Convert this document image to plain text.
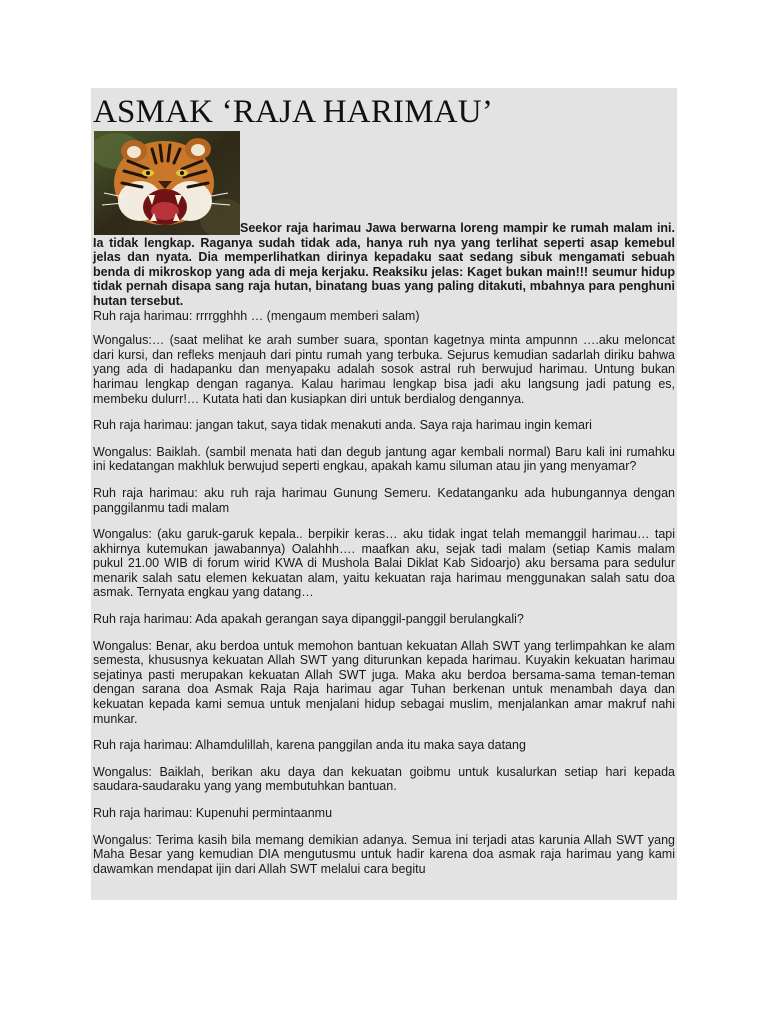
ASMAK ‘RAJA HARIMAU’

Seekor raja harimau Jawa berwarna loreng mampir ke rumah malam ini. Ia tidak lengkap. Raganya sudah tidak ada, hanya ruh nya yang terlihat seperti asap kemebul jelas dan nyata. Dia memperlihatkan dirinya kepadaku saat sedang sibuk mengamati sebuah benda di mikroskop yang ada di meja kerjaku. Reaksiku jelas: Kaget bukan main!!! seumur hidup tidak pernah disapa sang raja hutan, binatang buas yang paling ditakuti, mbahnya para penghuni hutan tersebut.

Ruh raja harimau: rrrrgghhh … (mengaum memberi salam)

Wongalus:… (saat melihat ke arah sumber suara, spontan kagetnya minta ampunnn ….aku meloncat dari kursi, dan refleks menjauh dari pintu rumah yang terbuka. Sejurus kemudian sadarlah diriku bahwa yang ada di hadapanku dan menyapaku adalah sosok astral ruh berwujud harimau. Untung bukan harimau lengkap dengan raganya. Kalau harimau lengkap bisa jadi aku langsung jadi patung es, membeku dulurr!… Kutata hati dan kusiapkan diri untuk berdialog dengannya.

Ruh raja harimau: jangan takut, saya tidak menakuti anda. Saya raja harimau ingin kemari

Wongalus: Baiklah. (sambil menata hati dan degub jantung agar kembali normal) Baru kali ini rumahku ini kedatangan makhluk berwujud seperti engkau, apakah kamu siluman atau jin yang menyamar?

Ruh raja harimau: aku ruh raja harimau Gunung Semeru. Kedatanganku ada hubungannya dengan panggilanmu tadi malam

Wongalus: (aku garuk-garuk kepala.. berpikir keras… aku tidak ingat telah memanggil harimau… tapi akhirnya kutemukan jawabannya) Oalahhh…. maafkan aku, sejak tadi malam (setiap Kamis malam pukul 21.00 WIB di forum wirid KWA di Mushola Balai Diklat Kab Sidoarjo) aku bersama para sedulur menarik salah satu elemen kekuatan alam, yaitu kekuatan raja harimau menggunakan salah satu doa asmak. Ternyata engkau yang datang…

Ruh raja harimau: Ada apakah gerangan saya dipanggil-panggil berulangkali?

Wongalus: Benar, aku berdoa untuk memohon bantuan kekuatan Allah SWT yang terlimpahkan ke alam semesta, khususnya kekuatan Allah SWT yang diturunkan kepada harimau. Kuyakin kekuatan harimau sejatinya pasti merupakan kekuatan Allah SWT juga. Maka aku berdoa bersama-sama teman-teman dengan sarana doa Asmak Raja Raja harimau agar Tuhan berkenan untuk menambah daya dan kekuatan kepada kami semua untuk menjalani hidup sebagai muslim, menjalankan amar makruf nahi munkar.

Ruh raja harimau: Alhamdulillah, karena panggilan anda itu maka saya datang

Wongalus: Baiklah, berikan aku daya dan kekuatan goibmu untuk kusalurkan setiap hari kepada saudara-saudaraku yang yang membutuhkan bantuan.

Ruh raja harimau: Kupenuhi permintaanmu

Wongalus: Terima kasih bila memang demikian adanya. Semua ini terjadi atas karunia Allah SWT yang Maha Besar yang kemudian DIA mengutusmu untuk hadir karena doa asmak raja harimau yang kami dawamkan mendapat ijin dari Allah SWT melalui cara begitu
